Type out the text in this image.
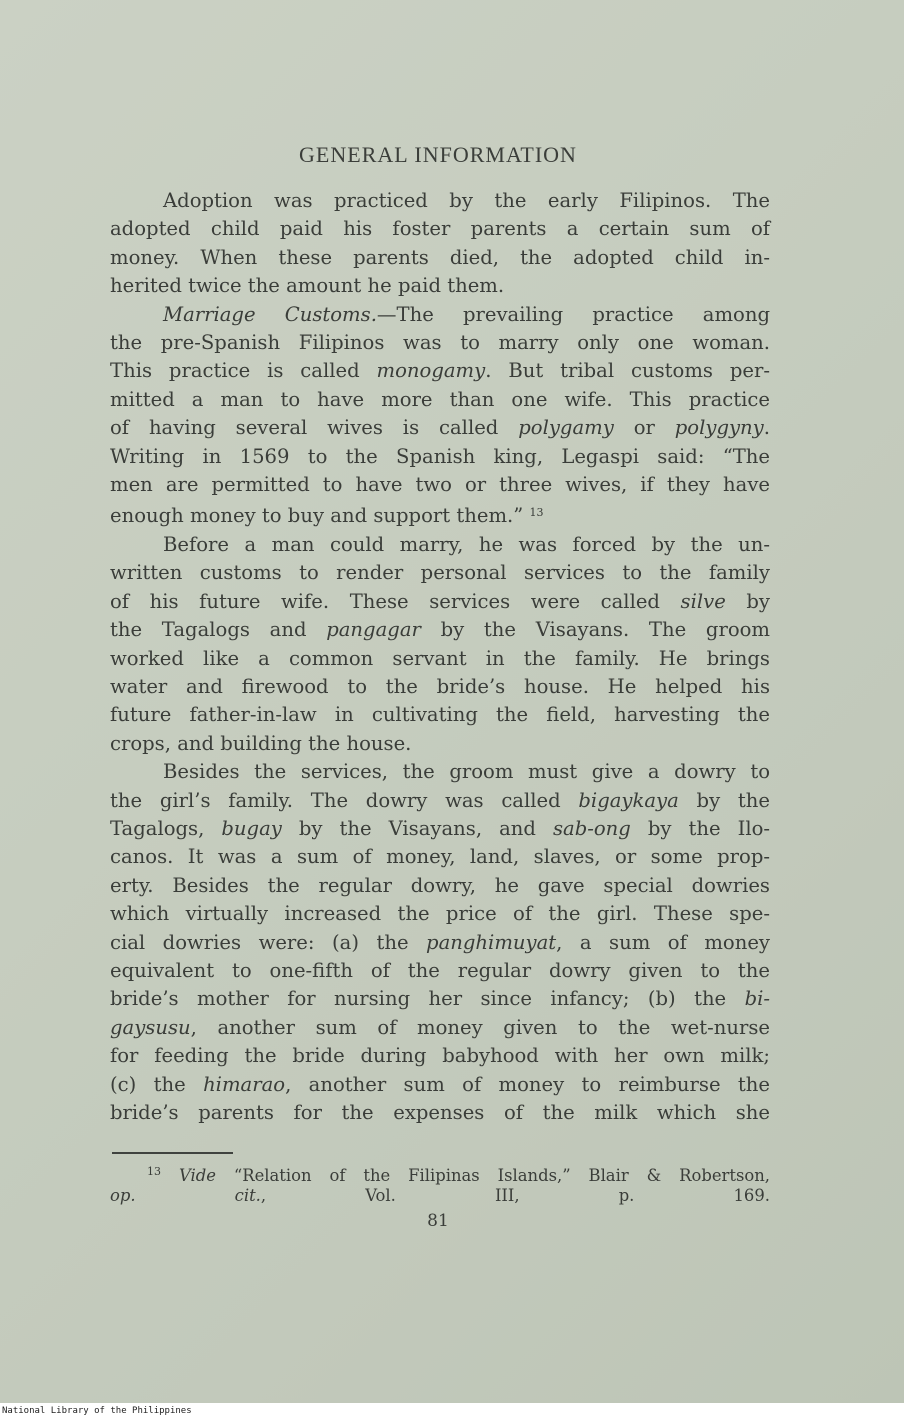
GENERAL INFORMATION
Adoption was practiced by the early Filipinos. The
adopted child paid his foster parents a certain sum of
money. When these parents died, the adopted child in-
herited twice the amount he paid them.
Marriage Customs.—The prevailing practice among
the pre-Spanish Filipinos was to marry only one woman.
This practice is called monogamy. But tribal customs per-
mitted a man to have more than one wife. This practice
of having several wives is called polygamy or polygyny.
Writing in 1569 to the Spanish king, Legaspi said: “The
men are permitted to have two or three wives, if they have
enough money to buy and support them.” $^{13}$
Before a man could marry, he was forced by the un-
written customs to render personal services to the family
of his future wife. These services were called silve by
the Tagalogs and pangagar by the Visayans. The groom
worked like a common servant in the family. He brings
water and firewood to the bride’s house. He helped his
future father-in-law in cultivating the field, harvesting the
crops, and building the house.
Besides the services, the groom must give a dowry to
the girl’s family. The dowry was called bigaykaya by the
Tagalogs, bugay by the Visayans, and sab-ong by the Ilo-
canos. It was a sum of money, land, slaves, or some prop-
erty. Besides the regular dowry, he gave special dowries
which virtually increased the price of the girl. These spe-
cial dowries were: (a) the panghimuyat, a sum of money
equivalent to one-fifth of the regular dowry given to the
bride’s mother for nursing her since infancy; (b) the bi-
gaysusu, another sum of money given to the wet-nurse
for feeding the bride during babyhood with her own milk;
(c) the himarao, another sum of money to reimburse the
bride’s parents for the expenses of the milk which she
$^{13}$ Vide “Relation of the Filipinas Islands,” Blair & Robertson,
op. cit., Vol. III, p. 169.
81
National Library of the Philippines
